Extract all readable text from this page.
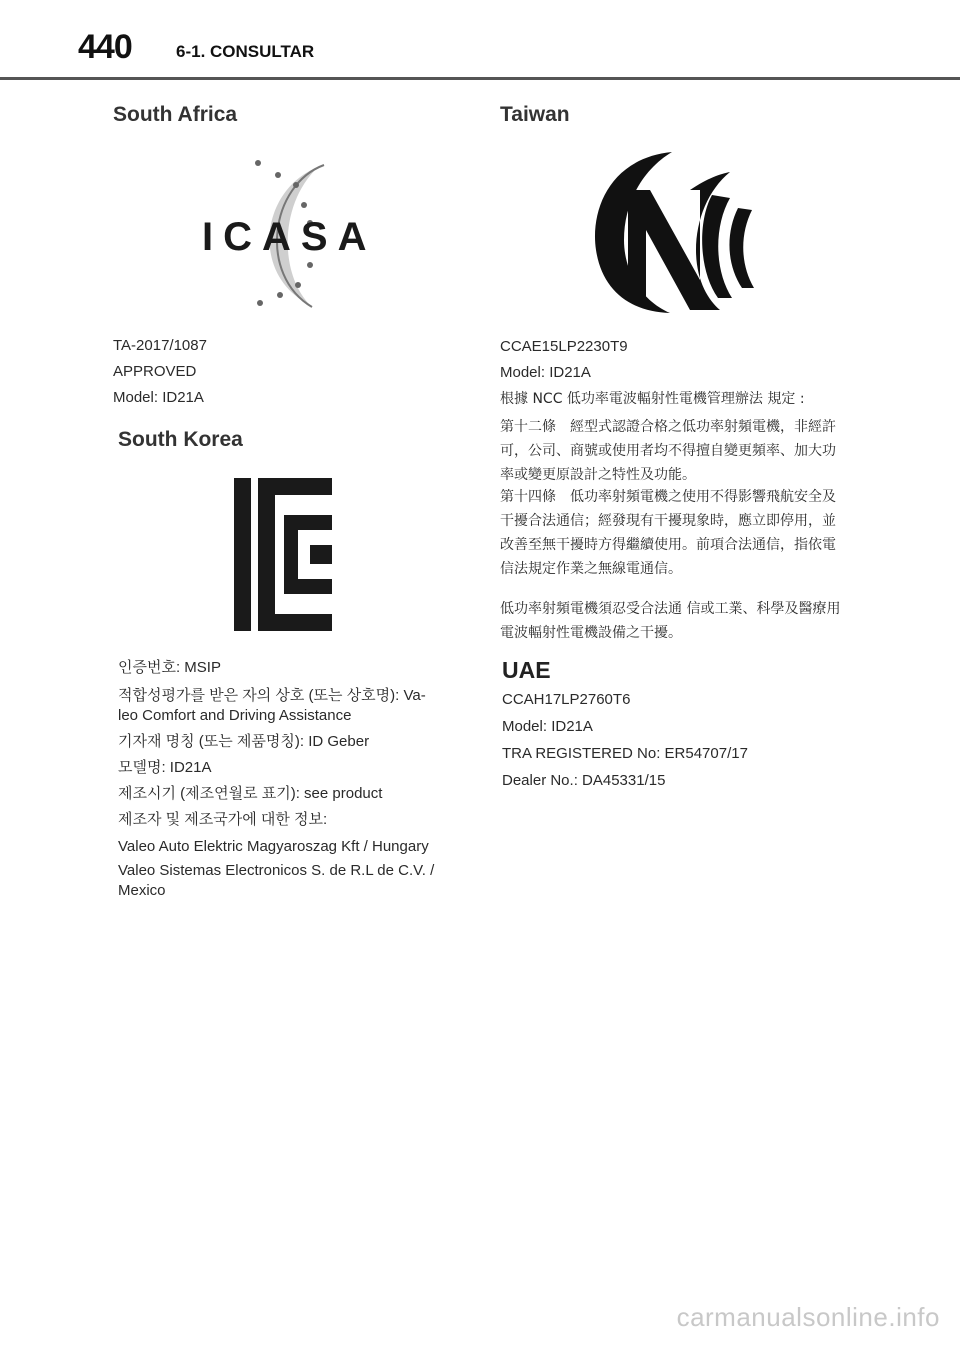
440	6-1. CONSULTAR
South Africa
ICASA
TA-2017/1087
APPROVED
Model: ID21A
South Korea
인증번호: MSIP
적합성평가를 받은 자의 상호 (또는 상호명): Va-
leo Comfort and Driving Assistance
기자재 명칭 (또는 제품명칭): ID Geber
모델명: ID21A
제조시기 (제조연월로 표기): see product
제조자 및 제조국가에 대한 정보:
Valeo Auto Elektric Magyaroszag Kft / Hungary
Valeo Sistemas Electronicos S. de R.L de C.V. /
Mexico
Taiwan
CCAE15LP2230T9
Model: ID21A
根據 NCC 低功率電波輻射性電機管理辦法 規定 :
第十二條　經型式認證合格之低功率射頻電機，非經許可，公司、商號或使用者均不得擅自變更頻率、加大功率或變更原設計之特性及功能。
第十四條　低功率射頻電機之使用不得影響飛航安全及干擾合法通信；經發現有干擾現象時，應立即停用，並改善至無干擾時方得繼續使用。前項合法通信，指依電信法規定作業之無線電通信。
低功率射頻電機須忍受合法通 信或工業、科學及醫療用電波輻射性電機設備之干擾。
UAE
CCAH17LP2760T6
Model: ID21A
TRA REGISTERED No: ER54707/17
Dealer No.: DA45331/15
carmanualsonline.info
